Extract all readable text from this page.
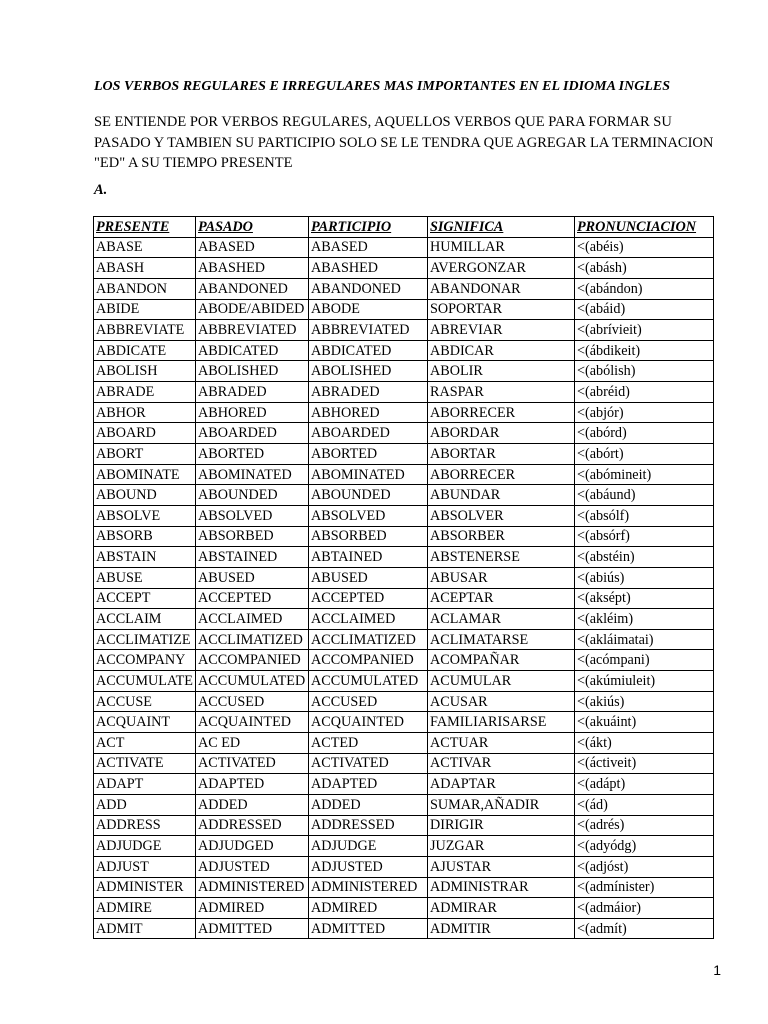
LOS VERBOS REGULARES E IRREGULARES MAS IMPORTANTES EN EL IDIOMA INGLES

SE ENTIENDE POR VERBOS REGULARES, AQUELLOS VERBOS QUE PARA FORMAR SU PASADO Y TAMBIEN SU PARTICIPIO SOLO SE LE TENDRA QUE AGREGAR LA TERMINACION "ED" A SU TIEMPO PRESENTE

A.

PRESENTE	PASADO	PARTICIPIO	SIGNIFICA	PRONUNCIACION
ABASE	ABASED	ABASED	HUMILLAR	<(abéis)
ABASH	ABASHED	ABASHED	AVERGONZAR	<(abásh)
ABANDON	ABANDONED	ABANDONED	ABANDONAR	<(abándon)
ABIDE	ABODE/ABIDED	ABODE	SOPORTAR	<(abáid)
ABBREVIATE	ABBREVIATED	ABBREVIATED	ABREVIAR	<(abrívieit)
ABDICATE	ABDICATED	ABDICATED	ABDICAR	<(ábdikeit)
ABOLISH	ABOLISHED	ABOLISHED	ABOLIR	<(abólish)
ABRADE	ABRADED	ABRADED	RASPAR	<(abréid)
ABHOR	ABHORED	ABHORED	ABORRECER	<(abjór)
ABOARD	ABOARDED	ABOARDED	ABORDAR	<(abórd)
ABORT	ABORTED	ABORTED	ABORTAR	<(abórt)
ABOMINATE	ABOMINATED	ABOMINATED	ABORRECER	<(abómineit)
ABOUND	ABOUNDED	ABOUNDED	ABUNDAR	<(abáund)
ABSOLVE	ABSOLVED	ABSOLVED	ABSOLVER	<(absólf)
ABSORB	ABSORBED	ABSORBED	ABSORBER	<(absórf)
ABSTAIN	ABSTAINED	ABTAINED	ABSTENERSE	<(abstéin)
ABUSE	ABUSED	ABUSED	ABUSAR	<(abiús)
ACCEPT	ACCEPTED	ACCEPTED	ACEPTAR	<(aksépt)
ACCLAIM	ACCLAIMED	ACCLAIMED	ACLAMAR	<(akléim)
ACCLIMATIZE	ACCLIMATIZED	ACCLIMATIZED	ACLIMATARSE	<(akláimatai)
ACCOMPANY	ACCOMPANIED	ACCOMPANIED	ACOMPAÑAR	<(acómpani)
ACCUMULATE	ACCUMULATED	ACCUMULATED	ACUMULAR	<(akúmiuleit)
ACCUSE	ACCUSED	ACCUSED	ACUSAR	<(akiús)
ACQUAINT	ACQUAINTED	ACQUAINTED	FAMILIARISARSE	<(akuáint)
ACT	AC ED	ACTED	ACTUAR	<(ákt)
ACTIVATE	ACTIVATED	ACTIVATED	ACTIVAR	<(áctiveit)
ADAPT	ADAPTED	ADAPTED	ADAPTAR	<(adápt)
ADD	ADDED	ADDED	SUMAR,AÑADIR	<(ád)
ADDRESS	ADDRESSED	ADDRESSED	DIRIGIR	<(adrés)
ADJUDGE	ADJUDGED	ADJUDGE	JUZGAR	<(adyódg)
ADJUST	ADJUSTED	ADJUSTED	AJUSTAR	<(adjóst)
ADMINISTER	ADMINISTERED	ADMINISTERED	ADMINISTRAR	<(admínister)
ADMIRE	ADMIRED	ADMIRED	ADMIRAR	<(admáior)
ADMIT	ADMITTED	ADMITTED	ADMITIR	<(admít)

1
